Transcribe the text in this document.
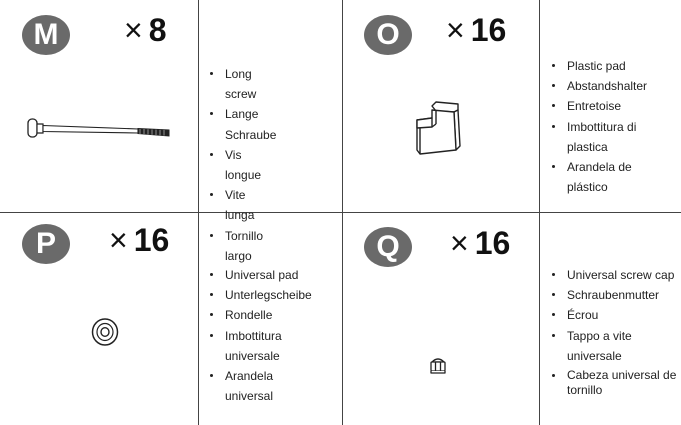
M	× 8
Long screw
Lange Schraube
Vis longue
Vite lunga
Tornillo largo
O	× 16
Plastic pad
Abstandshalter
Entretoise
Imbottitura di plastica
Arandela de plástico
P	× 16
Universal pad
Unterlegscheibe
Rondelle
Imbottitura universale
Arandela universal
Q	× 16
Universal screw cap
Schraubenmutter
Écrou
Tappo a vite universale
Cabeza universal de tornillo
